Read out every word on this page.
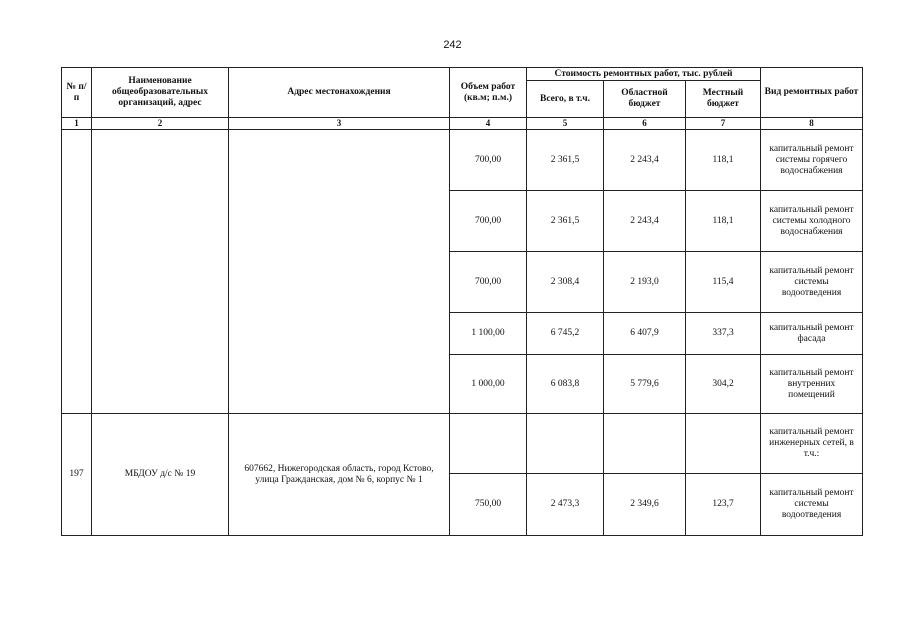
242
№ п/п	Наименование общеобразовательных организаций, адрес	Адрес местонахождения	Объем работ (кв.м; п.м.)	Стоимость ремонтных работ, тыс. рублей			Вид ремонтных работ
				Всего, в т.ч.	Областной бюджет	Местный бюджет	
1	2	3	4	5	6	7	8
			700,00	2 361,5	2 243,4	118,1	капитальный ремонт системы горячего водоснабжения
			700,00	2 361,5	2 243,4	118,1	капитальный ремонт системы холодного водоснабжения
			700,00	2 308,4	2 193,0	115,4	капитальный ремонт системы водоотведения
			1 100,00	6 745,2	6 407,9	337,3	капитальный ремонт фасада
			1 000,00	6 083,8	5 779,6	304,2	капитальный ремонт внутренних помещений
197	МБДОУ д/с № 19	607662, Нижегородская область, город Кстово, улица Гражданская, дом № 6, корпус № 1					капитальный ремонт инженерных сетей, в т.ч.:
			750,00	2 473,3	2 349,6	123,7	капитальный ремонт системы водоотведения
